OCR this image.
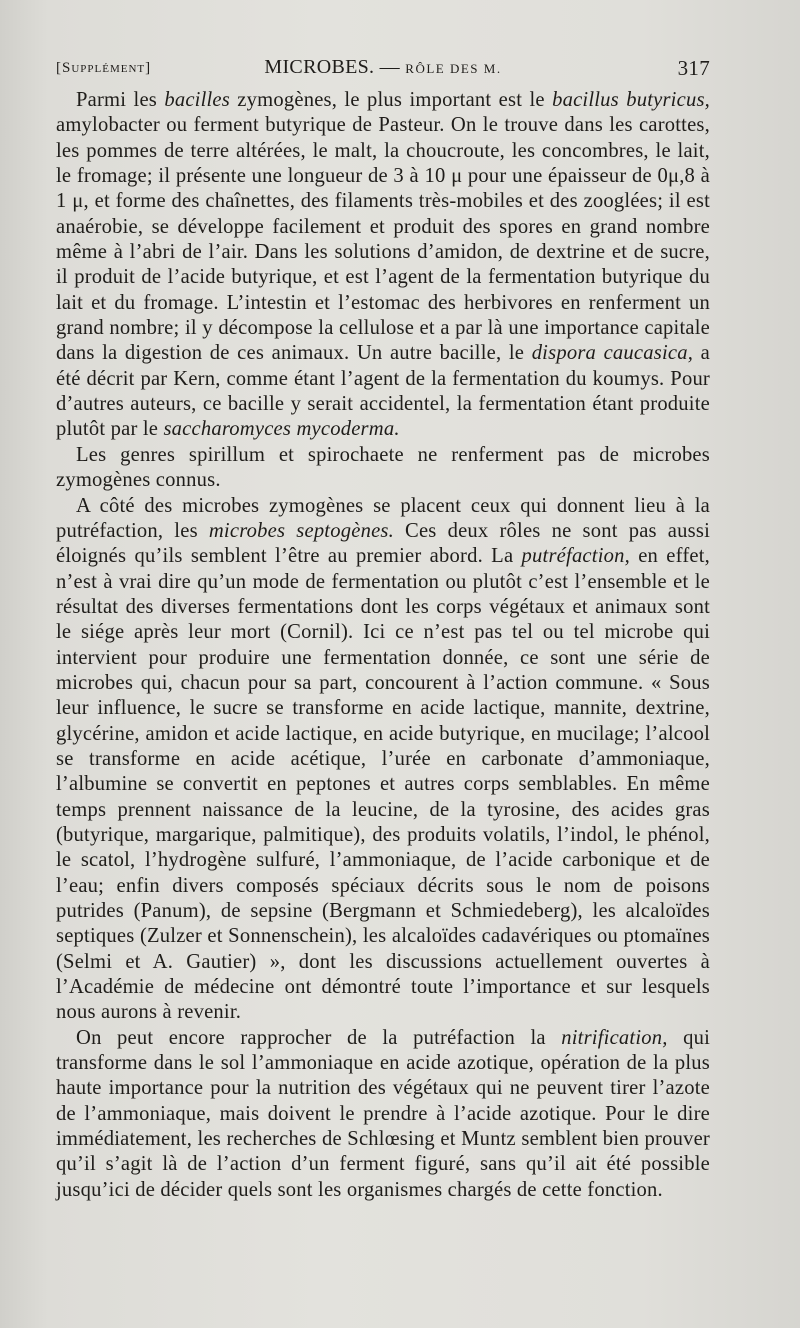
[Supplément]	MICROBES. — RÔLE DES M.	317

Parmi les bacilles zymogènes, le plus important est le bacillus butyricus, amylobacter ou ferment butyrique de Pasteur. On le trouve dans les carottes, les pommes de terre altérées, le malt, la choucroute, les concombres, le lait, le fromage; il présente une longueur de 3 à 10 μ pour une épaisseur de 0μ,8 à 1 μ, et forme des chaînettes, des filaments très-mobiles et des zooglées; il est anaérobie, se développe facilement et produit des spores en grand nombre même à l’abri de l’air. Dans les solutions d’amidon, de dextrine et de sucre, il produit de l’acide butyrique, et est l’agent de la fermentation butyrique du lait et du fromage. L’intestin et l’estomac des herbivores en renferment un grand nombre; il y décompose la cellulose et a par là une importance capitale dans la digestion de ces animaux. Un autre bacille, le dispora caucasica, a été décrit par Kern, comme étant l’agent de la fermentation du koumys. Pour d’autres auteurs, ce bacille y serait accidentel, la fermentation étant produite plutôt par le saccharomyces mycoderma.

Les genres spirillum et spirochaete ne renferment pas de microbes zymogènes connus.

A côté des microbes zymogènes se placent ceux qui donnent lieu à la putréfaction, les microbes septogènes. Ces deux rôles ne sont pas aussi éloignés qu’ils semblent l’être au premier abord. La putréfaction, en effet, n’est à vrai dire qu’un mode de fermentation ou plutôt c’est l’ensemble et le résultat des diverses fermentations dont les corps végétaux et animaux sont le siége après leur mort (Cornil). Ici ce n’est pas tel ou tel microbe qui intervient pour produire une fermentation donnée, ce sont une série de microbes qui, chacun pour sa part, concourent à l’action commune. « Sous leur influence, le sucre se transforme en acide lactique, mannite, dextrine, glycérine, amidon et acide lactique, en acide butyrique, en mucilage; l’alcool se transforme en acide acétique, l’urée en carbonate d’ammoniaque, l’albumine se convertit en peptones et autres corps semblables. En même temps prennent naissance de la leucine, de la tyrosine, des acides gras (butyrique, margarique, palmitique), des produits volatils, l’indol, le phénol, le scatol, l’hydrogène sulfuré, l’ammoniaque, de l’acide carbonique et de l’eau; enfin divers composés spéciaux décrits sous le nom de poisons putrides (Panum), de sepsine (Bergmann et Schmiedeberg), les alcaloïdes septiques (Zulzer et Sonnenschein), les alcaloïdes cadavériques ou ptomaïnes (Selmi et A. Gautier) », dont les discussions actuellement ouvertes à l’Académie de médecine ont démontré toute l’importance et sur lesquels nous aurons à revenir.

On peut encore rapprocher de la putréfaction la nitrification, qui transforme dans le sol l’ammoniaque en acide azotique, opération de la plus haute importance pour la nutrition des végétaux qui ne peuvent tirer l’azote de l’ammoniaque, mais doivent le prendre à l’acide azotique. Pour le dire immédiatement, les recherches de Schlœsing et Muntz semblent bien prouver qu’il s’agit là de l’action d’un ferment figuré, sans qu’il ait été possible jusqu’ici de décider quels sont les organismes chargés de cette fonction.
